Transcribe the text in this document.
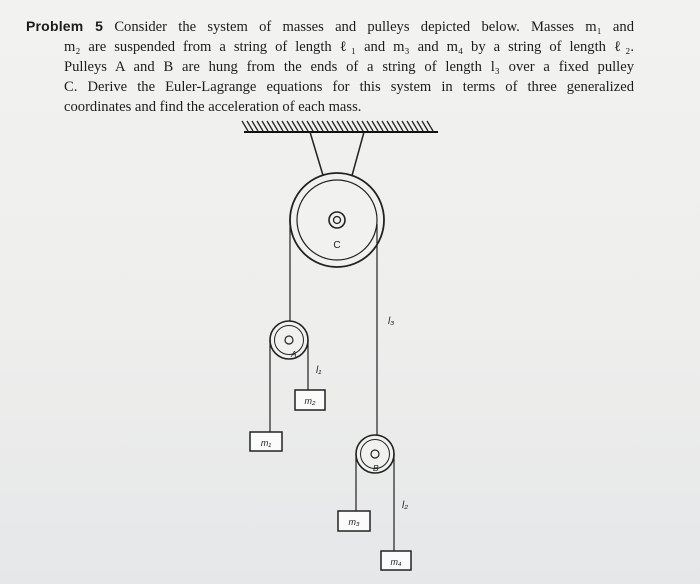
Problem 5 Consider the system of masses and pulleys depicted below. Masses m₁ and
m₂ are suspended from a string of length ℓ₁ and m₃ and m₄ by a string of length ℓ₂.
Pulleys A and B are hung from the ends of a string of length l₃ over a fixed pulley
C. Derive the Euler-Lagrange equations for this system in terms of three generalized
coordinates and find the acceleration of each mass.
C
l₃
A
l₁
m₂
m₁
B
l₂
m₃
m₄
